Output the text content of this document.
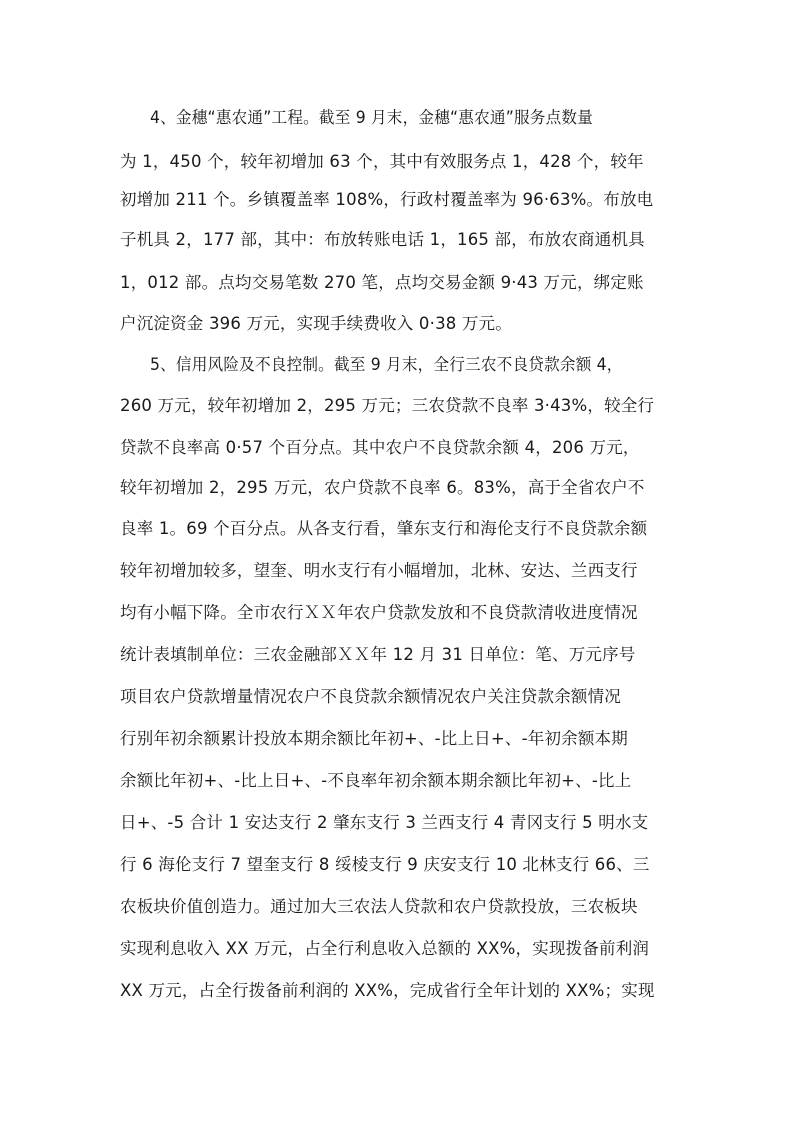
4、金穗“惠农通”工程。截至 9 月末，金穗“惠农通”服务点数量
为 1，450 个，较年初增加 63 个，其中有效服务点 1，428 个，较年
初增加 211 个。乡镇覆盖率 108%，行政村覆盖率为 96·63%。布放电
子机具 2，177 部，其中：布放转账电话 1，165 部，布放农商通机具
1，012 部。点均交易笔数 270 笔，点均交易金额 9·43 万元，绑定账
户沉淀资金 396 万元，实现手续费收入 0·38 万元。
5、信用风险及不良控制。截至 9 月末，全行三农不良贷款余额 4，
260 万元，较年初增加 2，295 万元；三农贷款不良率 3·43%，较全行
贷款不良率高 0·57 个百分点。其中农户不良贷款余额 4，206 万元，
较年初增加 2，295 万元，农户贷款不良率 6。83%，高于全省农户不
良率 1。69 个百分点。从各支行看，肇东支行和海伦支行不良贷款余额
较年初增加较多，望奎、明水支行有小幅增加，北林、安达、兰西支行
均有小幅下降。全市农行ＸＸ年农户贷款发放和不良贷款清收进度情况
统计表填制单位：三农金融部ＸＸ年 12 月 31 日单位：笔、万元序号
项目农户贷款增量情况农户不良贷款余额情况农户关注贷款余额情况
行别年初余额累计投放本期余额比年初+、-比上日+、-年初余额本期
余额比年初+、-比上日+、-不良率年初余额本期余额比年初+、-比上
日+、-5 合计 1 安达支行 2 肇东支行 3 兰西支行 4 青冈支行 5 明水支
行 6 海伦支行 7 望奎支行 8 绥棱支行 9 庆安支行 10 北林支行 66、三
农板块价值创造力。通过加大三农法人贷款和农户贷款投放，三农板块
实现利息收入 XX 万元，占全行利息收入总额的 XX%，实现拨备前利润
XX 万元，占全行拨备前利润的 XX%，完成省行全年计划的 XX%；实现
